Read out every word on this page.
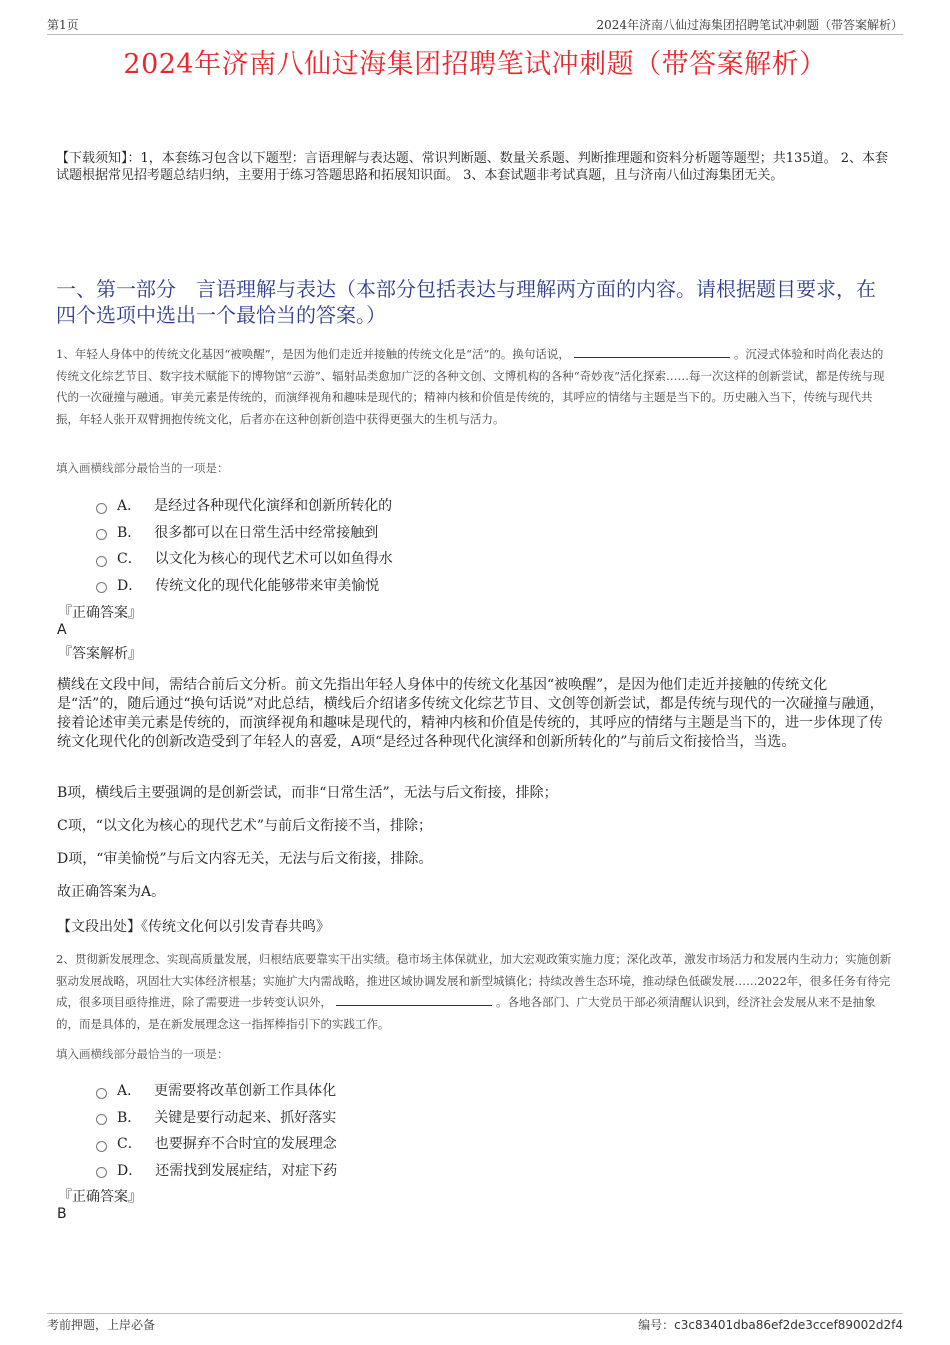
第1页	2024年济南八仙过海集团招聘笔试冲刺题（带答案解析）
2024年济南八仙过海集团招聘笔试冲刺题（带答案解析）
【下载须知】：1，本套练习包含以下题型：言语理解与表达题、常识判断题、数量关系题、判断推理题和资料分析题等题型；共135道。 2、本套试题根据常见招考题总结归纳，主要用于练习答题思路和拓展知识面。 3、本套试题非考试真题，且与济南八仙过海集团无关。
一、第一部分　言语理解与表达（本部分包括表达与理解两方面的内容。请根据题目要求，在四个选项中选出一个最恰当的答案。）
1、年轻人身体中的传统文化基因“被唤醒”，是因为他们走近并接触的传统文化是“活”的。换句话说，	。沉浸式体验和时尚化表达的传统文化综艺节目、数字技术赋能下的博物馆“云游”、辐射品类愈加广泛的各种文创、文博机构的各种“奇妙夜”活化探索……每一次这样的创新尝试，都是传统与现代的一次碰撞与融通。审美元素是传统的，而演绎视角和趣味是现代的；精神内核和价值是传统的，其呼应的情绪与主题是当下的。历史融入当下，传统与现代共振，年轻人张开双臂拥抱传统文化，后者亦在这种创新创造中获得更强大的生机与活力。
填入画横线部分最恰当的一项是：
A． 是经过各种现代化演绎和创新所转化的
B． 很多都可以在日常生活中经常接触到
C． 以文化为核心的现代艺术可以如鱼得水
D． 传统文化的现代化能够带来审美愉悦
『正确答案』
A
『答案解析』
横线在文段中间，需结合前后文分析。前文先指出年轻人身体中的传统文化基因“被唤醒”，是因为他们走近并接触的传统文化是“活”的，随后通过“换句话说”对此总结，横线后介绍诸多传统文化综艺节目、文创等创新尝试，都是传统与现代的一次碰撞与融通，接着论述审美元素是传统的，而演绎视角和趣味是现代的，精神内核和价值是传统的，其呼应的情绪与主题是当下的，进一步体现了传统文化现代化的创新改造受到了年轻人的喜爱，A项“是经过各种现代化演绎和创新所转化的”与前后文衔接恰当，当选。
B项，横线后主要强调的是创新尝试，而非“日常生活”，无法与后文衔接，排除；
C项，“以文化为核心的现代艺术”与前后文衔接不当，排除；
D项，“审美愉悦”与后文内容无关，无法与后文衔接，排除。
故正确答案为A。
【文段出处】《传统文化何以引发青春共鸣》
2、贯彻新发展理念、实现高质量发展，归根结底要靠实干出实绩。稳市场主体保就业，加大宏观政策实施力度；深化改革，激发市场活力和发展内生动力；实施创新驱动发展战略，巩固壮大实体经济根基；实施扩大内需战略，推进区域协调发展和新型城镇化；持续改善生态环境，推动绿色低碳发展……2022年，很多任务有待完成，很多项目亟待推进，除了需要进一步转变认识外，	。各地各部门、广大党员干部必须清醒认识到，经济社会发展从来不是抽象的，而是具体的，是在新发展理念这一指挥棒指引下的实践工作。
填入画横线部分最恰当的一项是：
A． 更需要将改革创新工作具体化
B． 关键是要行动起来、抓好落实
C． 也要摒弃不合时宜的发展理念
D． 还需找到发展症结，对症下药
『正确答案』
B
考前押题，上岸必备	编号：c3c83401dba86ef2de3ccef89002d2f4
